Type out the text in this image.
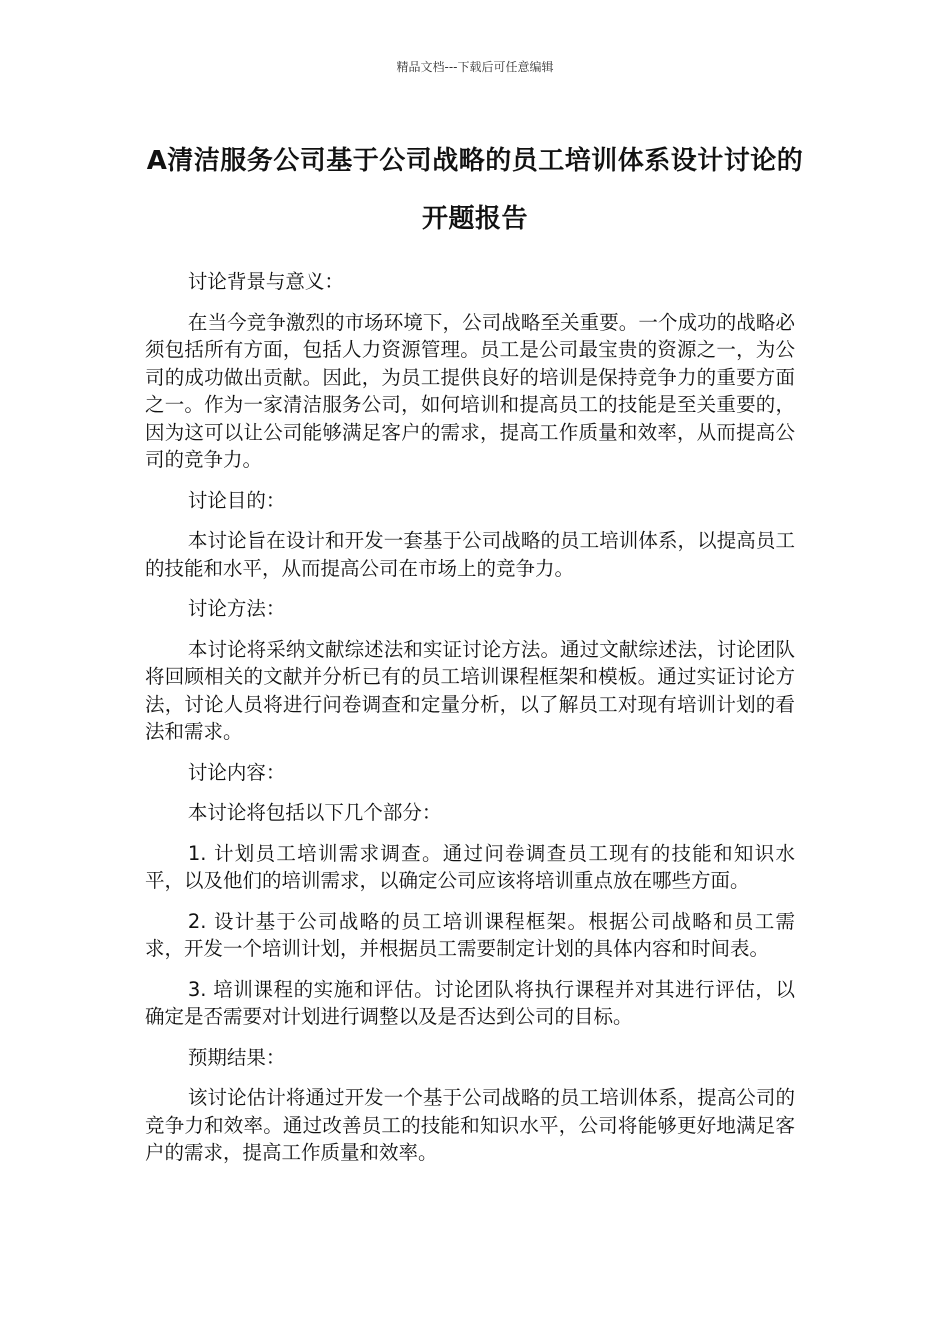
精品文档---下载后可任意编辑
A清洁服务公司基于公司战略的员工培训体系设计讨论的开题报告

讨论背景与意义：

在当今竞争激烈的市场环境下，公司战略至关重要。一个成功的战略必须包括所有方面，包括人力资源管理。员工是公司最宝贵的资源之一，为公司的成功做出贡献。因此，为员工提供良好的培训是保持竞争力的重要方面之一。作为一家清洁服务公司，如何培训和提高员工的技能是至关重要的，因为这可以让公司能够满足客户的需求，提高工作质量和效率，从而提高公司的竞争力。

讨论目的：

本讨论旨在设计和开发一套基于公司战略的员工培训体系，以提高员工的技能和水平，从而提高公司在市场上的竞争力。

讨论方法：

本讨论将采纳文献综述法和实证讨论方法。通过文献综述法，讨论团队将回顾相关的文献并分析已有的员工培训课程框架和模板。通过实证讨论方法，讨论人员将进行问卷调查和定量分析，以了解员工对现有培训计划的看法和需求。

讨论内容：

本讨论将包括以下几个部分：

1. 计划员工培训需求调查。通过问卷调查员工现有的技能和知识水平，以及他们的培训需求，以确定公司应该将培训重点放在哪些方面。

2. 设计基于公司战略的员工培训课程框架。根据公司战略和员工需求，开发一个培训计划，并根据员工需要制定计划的具体内容和时间表。

3. 培训课程的实施和评估。讨论团队将执行课程并对其进行评估，以确定是否需要对计划进行调整以及是否达到公司的目标。

预期结果：

该讨论估计将通过开发一个基于公司战略的员工培训体系，提高公司的竞争力和效率。通过改善员工的技能和知识水平，公司将能够更好地满足客户的需求，提高工作质量和效率。
